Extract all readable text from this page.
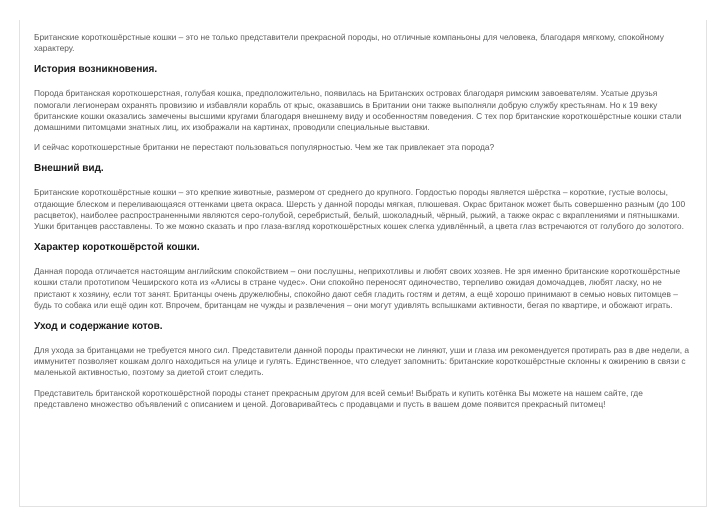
Британские короткошёрстные кошки – это не только представители прекрасной породы, но отличные компаньоны для человека, благодаря мягкому, спокойному характеру.

История возникновения.

Порода британская короткошерстная, голубая кошка, предположительно, появилась на Британских островах благодаря римским завоевателям. Усатые друзья помогали легионерам охранять провизию и избавляли корабль от крыс, оказавшись в Британии они также выполняли добрую службу крестьянам. Но к 19 веку британские кошки оказались замечены высшими кругами благодаря внешнему виду и особенностям поведения. С тех пор британские короткошёрстные кошки стали домашними питомцами знатных лиц, их изображали на картинах, проводили специальные выставки.

И сейчас короткошерстные британки не перестают пользоваться популярностью. Чем же так привлекает эта порода?

Внешний вид.

Британские короткошёрстные кошки – это крепкие животные, размером от среднего до крупного. Гордостью породы является шёрстка – короткие, густые волосы, отдающие блеском и переливающаяся оттенками цвета окраса. Шерсть у данной породы мягкая, плюшевая. Окрас британок может быть совершенно разным (до 100 расцветок), наиболее распространенными являются серо-голубой, серебристый, белый, шоколадный, чёрный, рыжий, а также окрас с вкраплениями и пятнышками. Ушки британцев расставлены. То же можно сказать и про глаза-взгляд короткошёрстных кошек слегка удивлённый, а цвета глаз встречаются от голубого до золотого.

Характер короткошёрстой кошки.

Данная порода отличается настоящим английским спокойствием – они послушны, неприхотливы и любят своих хозяев. Не зря именно британские короткошёрстные кошки стали прототипом Чеширского кота из «Алисы в стране чудес». Они спокойно переносят одиночество, терпеливо ожидая домочадцев, любят ласку, но не пристают к хозяину, если тот занят. Британцы очень дружелюбны, спокойно дают себя гладить гостям и детям, а ещё хорошо принимают в семью новых питомцев – будь то собака или ещё один кот. Впрочем, британцам не чужды и развлечения – они могут удивлять вспышками активности, бегая по квартире, и обожают играть.

Уход и содержание котов.

Для ухода за британцами не требуется много сил. Представители данной породы практически не линяют, уши и глаза им рекомендуется протирать раз в две недели, а иммунитет позволяет кошкам долго находиться на улице и гулять. Единственное, что следует запомнить: британские короткошёрстные склонны к ожирению в связи с маленькой активностью, поэтому за диетой стоит следить.

Представитель британской короткошёрстной породы станет прекрасным другом для всей семьи! Выбрать и купить котёнка Вы можете на нашем сайте, где представлено множество объявлений с описанием и ценой. Договаривайтесь с продавцами и пусть в вашем доме появится прекрасный питомец!
